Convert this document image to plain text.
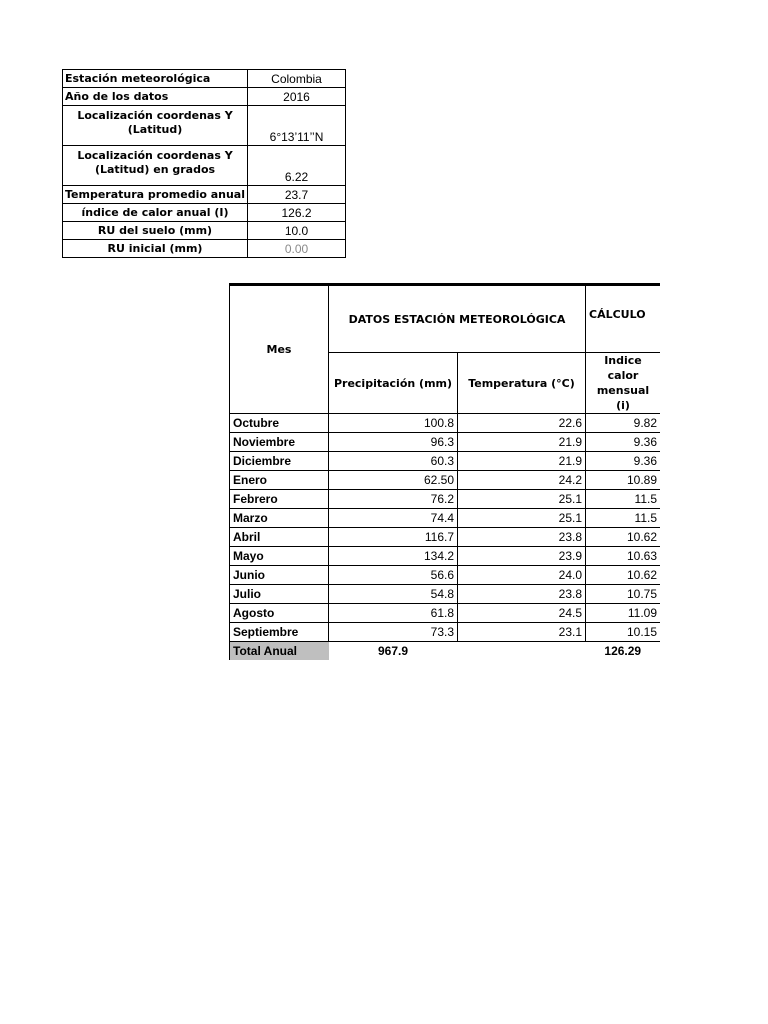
Estación meteorológica	Colombia
Año de los datos	2016
Localización coordenas Y (Latitud)	6°13’11’’N
Localización coordenas Y (Latitud) en grados	6.22
Temperatura promedio anual	23.7
índice de calor anual (I)	126.2
RU del suelo (mm)	10.0
RU inicial (mm)	0.00
Mes	DATOS ESTACIÓN METEOROLÓGICA		CÁLCULO
	Precipitación (mm)	Temperatura (°C)	Indice calor mensual (i)
Octubre	100.8	22.6	9.82
Noviembre	96.3	21.9	9.36
Diciembre	60.3	21.9	9.36
Enero	62.50	24.2	10.89
Febrero	76.2	25.1	11.5
Marzo	74.4	25.1	11.5
Abril	116.7	23.8	10.62
Mayo	134.2	23.9	10.63
Junio	56.6	24.0	10.62
Julio	54.8	23.8	10.75
Agosto	61.8	24.5	11.09
Septiembre	73.3	23.1	10.15
Total Anual	967.9		126.29
